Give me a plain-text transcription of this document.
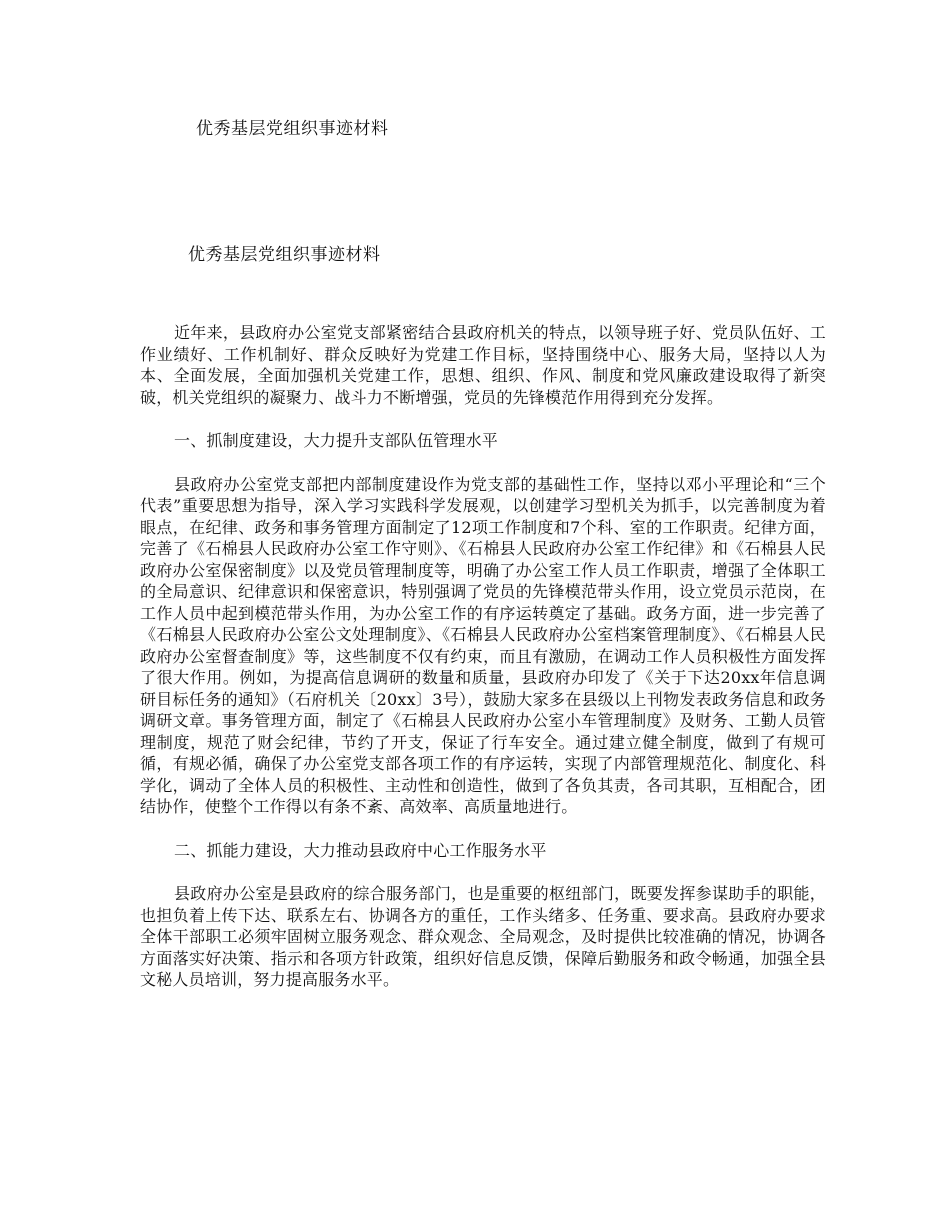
优秀基层党组织事迹材料
优秀基层党组织事迹材料

近年来，县政府办公室党支部紧密结合县政府机关的特点，以领导班子好、党员队伍好、工作业绩好、工作机制好、群众反映好为党建工作目标，坚持围绕中心、服务大局，坚持以人为本、全面发展，全面加强机关党建工作，思想、组织、作风、制度和党风廉政建设取得了新突破，机关党组织的凝聚力、战斗力不断增强，党员的先锋模范作用得到充分发挥。

一、抓制度建设，大力提升支部队伍管理水平

县政府办公室党支部把内部制度建设作为党支部的基础性工作，坚持以邓小平理论和“三个代表”重要思想为指导，深入学习实践科学发展观，以创建学习型机关为抓手，以完善制度为着眼点，在纪律、政务和事务管理方面制定了12项工作制度和7个科、室的工作职责。纪律方面，完善了《石棉县人民政府办公室工作守则》、《石棉县人民政府办公室工作纪律》和《石棉县人民政府办公室保密制度》以及党员管理制度等，明确了办公室工作人员工作职责，增强了全体职工的全局意识、纪律意识和保密意识，特别强调了党员的先锋模范带头作用，设立党员示范岗，在工作人员中起到模范带头作用，为办公室工作的有序运转奠定了基础。政务方面，进一步完善了《石棉县人民政府办公室公文处理制度》、《石棉县人民政府办公室档案管理制度》、《石棉县人民政府办公室督查制度》等，这些制度不仅有约束，而且有激励，在调动工作人员积极性方面发挥了很大作用。例如，为提高信息调研的数量和质量，县政府办印发了《关于下达20xx年信息调研目标任务的通知》（石府机关〔20xx〕3号），鼓励大家多在县级以上刊物发表政务信息和政务调研文章。事务管理方面，制定了《石棉县人民政府办公室小车管理制度》及财务、工勤人员管理制度，规范了财会纪律，节约了开支，保证了行车安全。通过建立健全制度，做到了有规可循，有规必循，确保了办公室党支部各项工作的有序运转，实现了内部管理规范化、制度化、科学化，调动了全体人员的积极性、主动性和创造性，做到了各负其责，各司其职，互相配合，团结协作，使整个工作得以有条不紊、高效率、高质量地进行。

二、抓能力建设，大力推动县政府中心工作服务水平

县政府办公室是县政府的综合服务部门，也是重要的枢纽部门，既要发挥参谋助手的职能，也担负着上传下达、联系左右、协调各方的重任，工作头绪多、任务重、要求高。县政府办要求全体干部职工必须牢固树立服务观念、群众观念、全局观念，及时提供比较准确的情况，协调各方面落实好决策、指示和各项方针政策，组织好信息反馈，保障后勤服务和政令畅通，加强全县文秘人员培训，努力提高服务水平。
